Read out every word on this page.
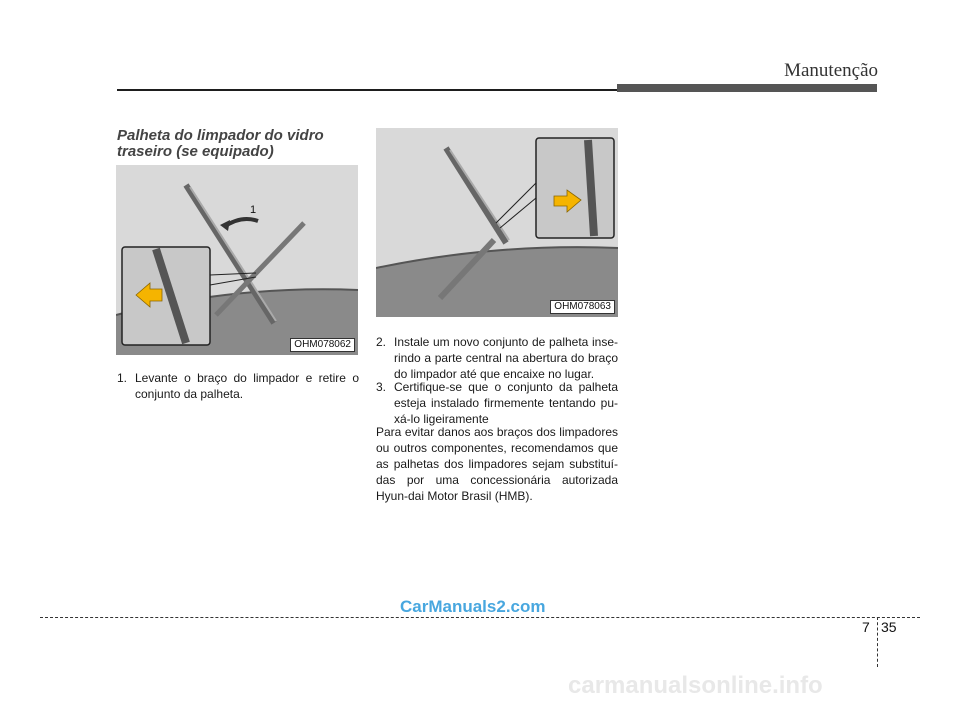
Manutenção
Palheta do limpador do vidro traseiro (se equipado)
1
OHM078062
OHM078063
1. Levante o braço do limpador e retire o conjunto da palheta.
2. Instale um novo conjunto de palheta inse-rindo a parte central na abertura do braço do limpador até que encaixe no lugar.
3. Certifique-se que o conjunto da palheta esteja instalado firmemente tentando pu-xá-lo ligeiramente
Para evitar danos aos braços dos limpadores ou outros componentes, recomendamos que as palhetas dos limpadores sejam substituí-das por uma concessionária autorizada Hyun-dai Motor Brasil (HMB).
CarManuals2.com
7 35
carmanualsonline.info
